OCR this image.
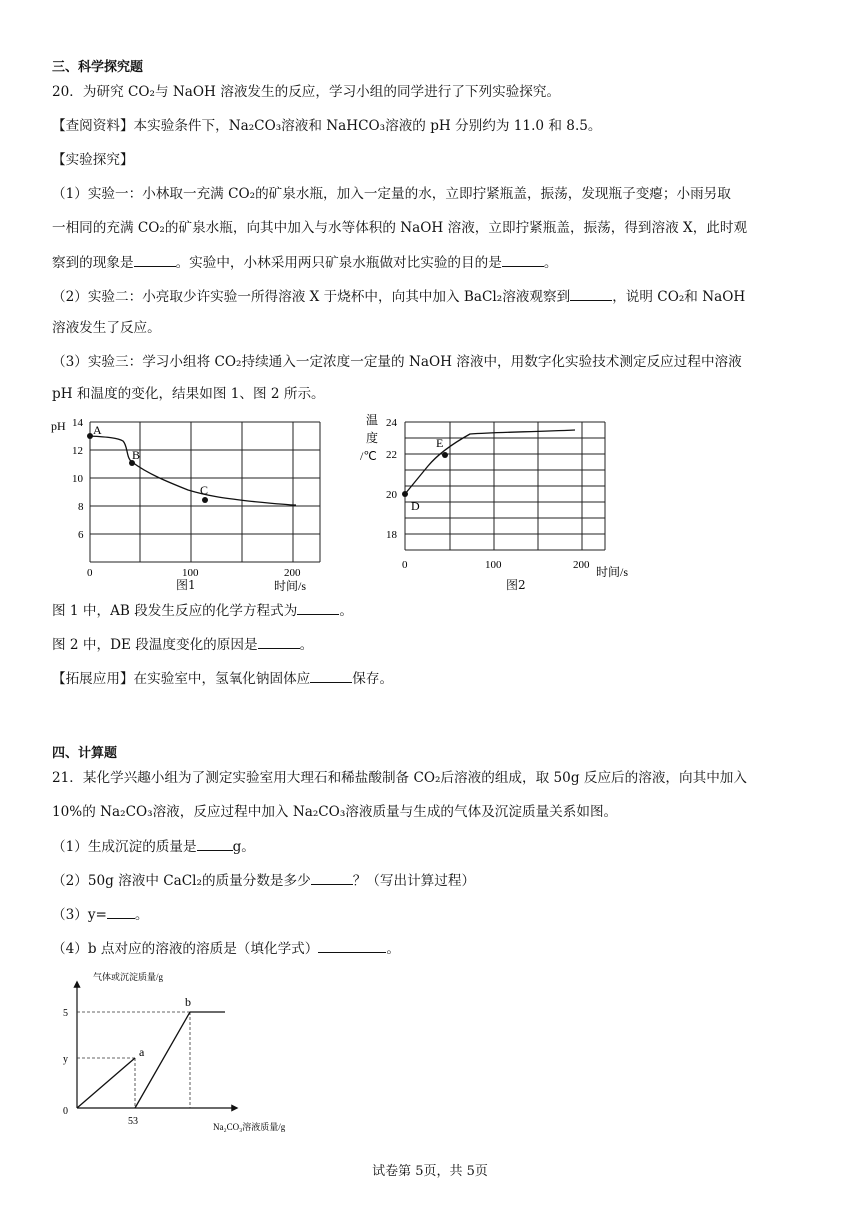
三、科学探究题
20．为研究 CO₂与 NaOH 溶液发生的反应，学习小组的同学进行了下列实验探究。
【查阅资料】本实验条件下，Na₂CO₃溶液和 NaHCO₃溶液的 pH 分别约为 11.0 和 8.5。
【实验探究】
（1）实验一：小林取一充满 CO₂的矿泉水瓶，加入一定量的水，立即拧紧瓶盖，振荡，发现瓶子变瘪；小雨另取
一相同的充满 CO₂的矿泉水瓶，向其中加入与水等体积的 NaOH 溶液，立即拧紧瓶盖，振荡，得到溶液 X，此时观
察到的现象是	。实验中，小林采用两只矿泉水瓶做对比实验的目的是	。
（2）实验二：小亮取少许实验一所得溶液 X 于烧杯中，向其中加入 BaCl₂溶液观察到	，说明 CO₂和 NaOH
溶液发生了反应。
（3）实验三：学习小组将 CO₂持续通入一定浓度一定量的 NaOH 溶液中，用数字化实验技术测定反应过程中溶液
pH 和温度的变化，结果如图 1、图 2 所示。
pH 14
12
10
8
6
0	100	200
时间/s
A
B
C
图1
温
度
/℃
24
22
20
18
0	100	200 时间/s
E
D
图2
图 1 中，AB 段发生反应的化学方程式为	。
图 2 中，DE 段温度变化的原因是	。
【拓展应用】在实验室中，氢氧化钠固体应	保存。
四、计算题
21．某化学兴趣小组为了测定实验室用大理石和稀盐酸制备 CO₂后溶液的组成，取 50g 反应后的溶液，向其中加入
10%的 Na₂CO₃溶液，反应过程中加入 Na₂CO₃溶液质量与生成的气体及沉淀质量关系如图。
（1）生成沉淀的质量是	g。
（2）50g 溶液中 CaCl₂的质量分数是多少	？（写出计算过程）
（3）y= 。
（4）b 点对应的溶液的溶质是（填化学式）	。
气体或沉淀质量/g
5
y
0
53	Na₂CO₃溶液质量/g
a
b
试卷第 5页，共 5页
